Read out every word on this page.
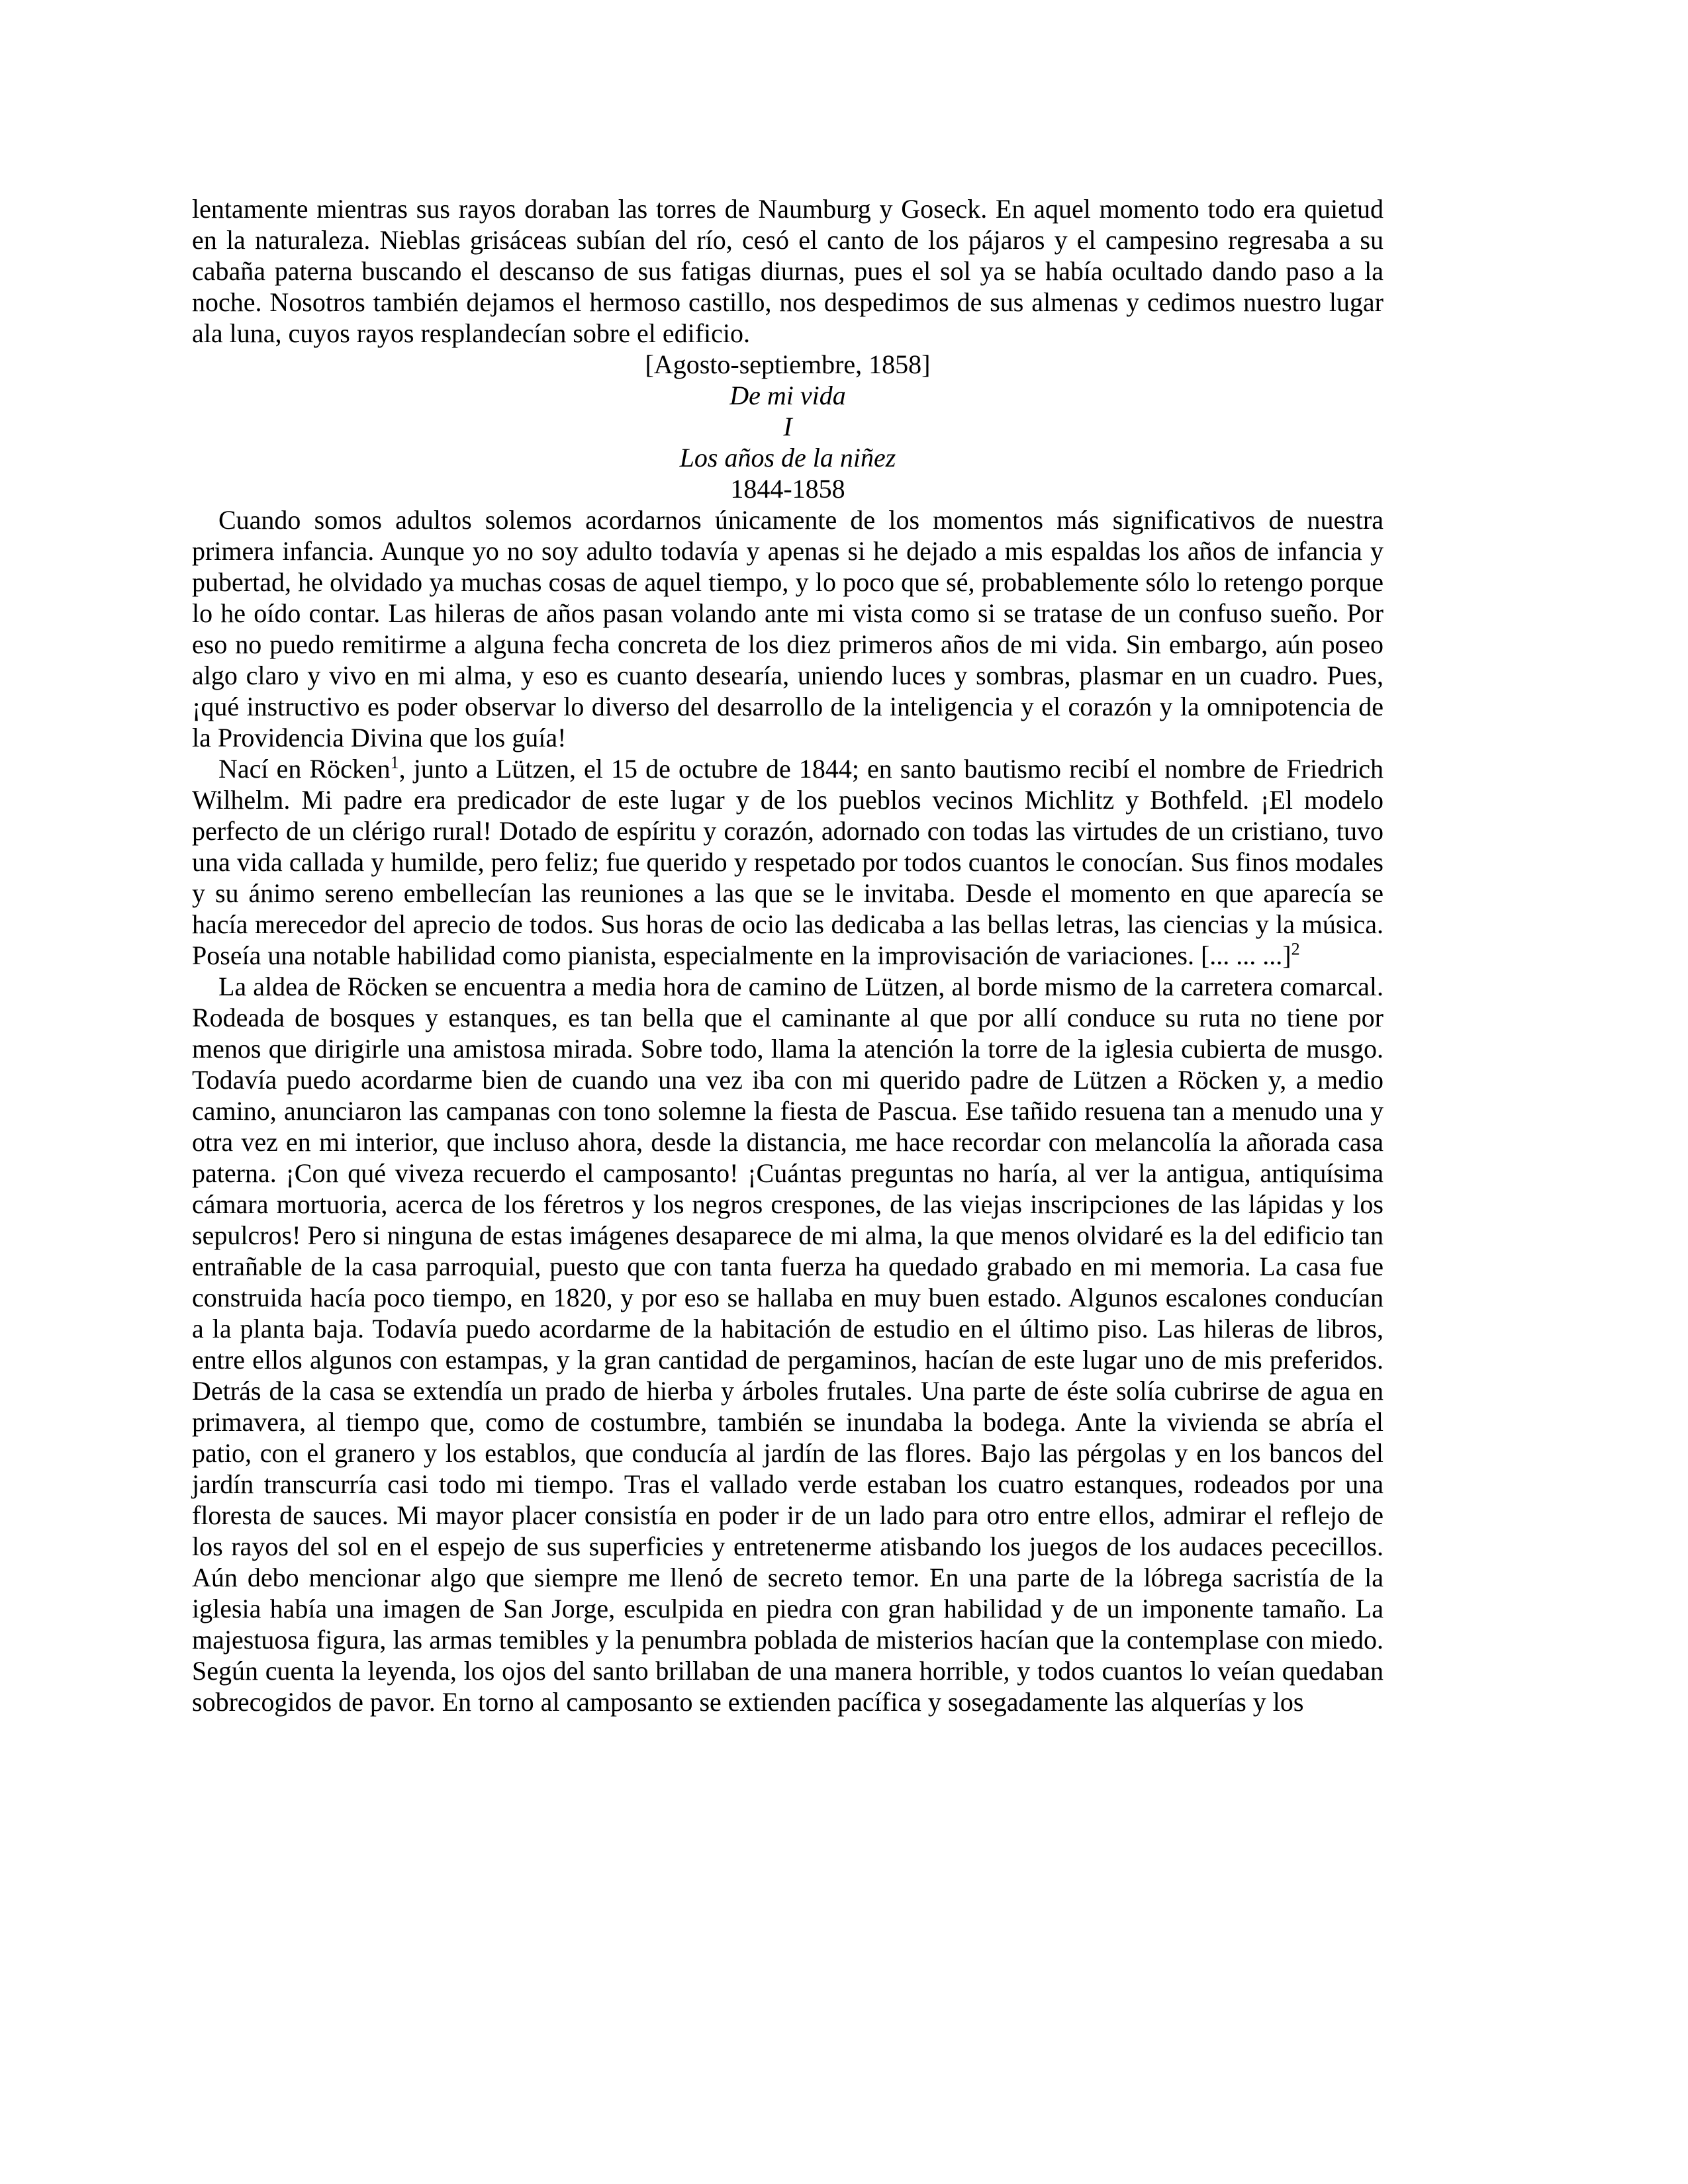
lentamente mientras sus rayos doraban las torres de Naumburg y Goseck. En aquel momento todo era quietud en la naturaleza. Nieblas grisáceas subían del río, cesó el canto de los pájaros y el campesino regresaba a su cabaña paterna buscando el descanso de sus fatigas diurnas, pues el sol ya se había ocultado dando paso a la noche. Nosotros también dejamos el hermoso castillo, nos despedimos de sus almenas y cedimos nuestro lugar ala luna, cuyos rayos resplandecían sobre el edificio.

[Agosto-septiembre, 1858]

De mi vida

I

Los años de la niñez

1844-1858

Cuando somos adultos solemos acordarnos únicamente de los momentos más significativos de nuestra primera infancia. Aunque yo no soy adulto todavía y apenas si he dejado a mis espaldas los años de infancia y pubertad, he olvidado ya muchas cosas de aquel tiempo, y lo poco que sé, probablemente sólo lo retengo porque lo he oído contar. Las hileras de años pasan volando ante mi vista como si se tratase de un confuso sueño. Por eso no puedo remitirme a alguna fecha concreta de los diez primeros años de mi vida. Sin embargo, aún poseo algo claro y vivo en mi alma, y eso es cuanto desearía, uniendo luces y sombras, plasmar en un cuadro. Pues, ¡qué instructivo es poder observar lo diverso del desarrollo de la inteligencia y el corazón y la omnipotencia de la Providencia Divina que los guía!

Nací en Röcken$^1$, junto a Lützen, el 15 de octubre de 1844; en santo bautismo recibí el nombre de Friedrich Wilhelm. Mi padre era predicador de este lugar y de los pueblos vecinos Michlitz y Bothfeld. ¡El modelo perfecto de un clérigo rural! Dotado de espíritu y corazón, adornado con todas las virtudes de un cristiano, tuvo una vida callada y humilde, pero feliz; fue querido y respetado por todos cuantos le conocían. Sus finos modales y su ánimo sereno embellecían las reuniones a las que se le invitaba. Desde el momento en que aparecía se hacía merecedor del aprecio de todos. Sus horas de ocio las dedicaba a las bellas letras, las ciencias y la música. Poseía una notable habilidad como pianista, especialmente en la improvisación de variaciones. [... ... ...]$^2$

La aldea de Röcken se encuentra a media hora de camino de Lützen, al borde mismo de la carretera comarcal. Rodeada de bosques y estanques, es tan bella que el caminante al que por allí conduce su ruta no tiene por menos que dirigirle una amistosa mirada. Sobre todo, llama la atención la torre de la iglesia cubierta de musgo. Todavía puedo acordarme bien de cuando una vez iba con mi querido padre de Lützen a Röcken y, a medio camino, anunciaron las campanas con tono solemne la fiesta de Pascua. Ese tañido resuena tan a menudo una y otra vez en mi interior, que incluso ahora, desde la distancia, me hace recordar con melancolía la añorada casa paterna. ¡Con qué viveza recuerdo el camposanto! ¡Cuántas preguntas no haría, al ver la antigua, antiquísima cámara mortuoria, acerca de los féretros y los negros crespones, de las viejas inscripciones de las lápidas y los sepulcros! Pero si ninguna de estas imágenes desaparece de mi alma, la que menos olvidaré es la del edificio tan entrañable de la casa parroquial, puesto que con tanta fuerza ha quedado grabado en mi memoria. La casa fue construida hacía poco tiempo, en 1820, y por eso se hallaba en muy buen estado. Algunos escalones conducían a la planta baja. Todavía puedo acordarme de la habitación de estudio en el último piso. Las hileras de libros, entre ellos algunos con estampas, y la gran cantidad de pergaminos, hacían de este lugar uno de mis preferidos. Detrás de la casa se extendía un prado de hierba y árboles frutales. Una parte de éste solía cubrirse de agua en primavera, al tiempo que, como de costumbre, también se inundaba la bodega. Ante la vivienda se abría el patio, con el granero y los establos, que conducía al jardín de las flores. Bajo las pérgolas y en los bancos del jardín transcurría casi todo mi tiempo. Tras el vallado verde estaban los cuatro estanques, rodeados por una floresta de sauces. Mi mayor placer consistía en poder ir de un lado para otro entre ellos, admirar el reflejo de los rayos del sol en el espejo de sus superficies y entretenerme atisbando los juegos de los audaces pececillos. Aún debo mencionar algo que siempre me llenó de secreto temor. En una parte de la lóbrega sacristía de la iglesia había una imagen de San Jorge, esculpida en piedra con gran habilidad y de un imponente tamaño. La majestuosa figura, las armas temibles y la penumbra poblada de misterios hacían que la contemplase con miedo. Según cuenta la leyenda, los ojos del santo brillaban de una manera horrible, y todos cuantos lo veían quedaban sobrecogidos de pavor. En torno al camposanto se extienden pacífica y sosegadamente las alquerías y los
